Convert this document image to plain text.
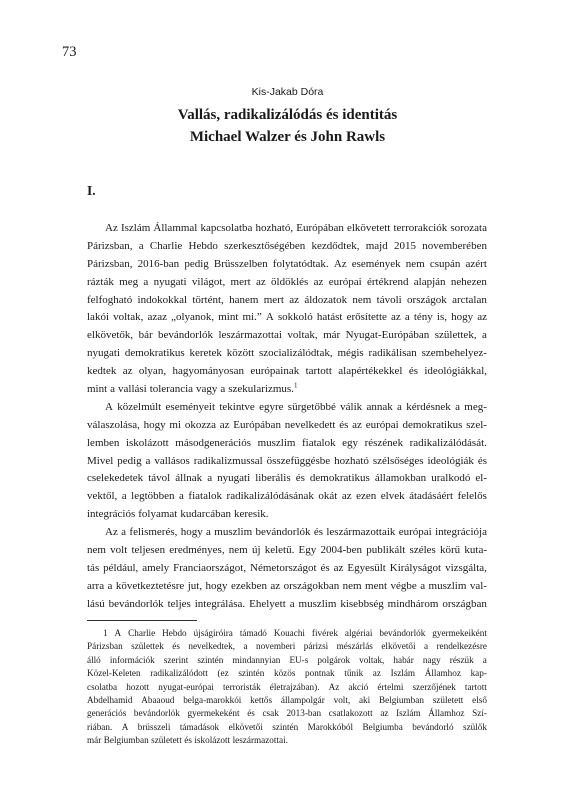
73
Kis-Jakab Dóra
Vallás, radikalizálódás és identitás
Michael Walzer és John Rawls
I.
Az Iszlám Állammal kapcsolatba hozható, Európában elkövetett terrorakciók sorozata
Párizsban, a Charlie Hebdo szerkesztőségében kezdődtek, majd 2015 novemberében
Párizsban, 2016-ban pedig Brüsszelben folytatódtak. Az események nem csupán azért
rázták meg a nyugati világot, mert az öldöklés az európai értékrend alapján nehezen
felfogható indokokkal történt, hanem mert az áldozatok nem távoli országok arctalan
lakói voltak, azaz „olyanok, mint mi.” A sokkoló hatást erősítette az a tény is, hogy az
elkövetők, bár bevándorlók leszármazottai voltak, már Nyugat-Európában születtek, a
nyugati demokratikus keretek között szocializálódtak, mégis radikálisan szembehelyez-
kedtek az olyan, hagyományosan európainak tartott alapértékekkel és ideológiákkal,
mint a vallási tolerancia vagy a szekularizmus.$^1$
A közelmúlt eseményeit tekintve egyre sürgetőbbé válik annak a kérdésnek a meg-
válaszolása, hogy mi okozza az Európában nevelkedett és az európai demokratikus szel-
lemben iskolázott másodgenerációs muszlim fiatalok egy részének radikalizálódását.
Mivel pedig a vallásos radikalizmussal összefüggésbe hozható szélsőséges ideológiák és
cselekedetek távol állnak a nyugati liberális és demokratikus államokban uralkodó el-
vektől, a legtöbben a fiatalok radikalizálódásának okát az ezen elvek átadásáért felelős
integrációs folyamat kudarcában keresik.
Az a felismerés, hogy a muszlim bevándorlók és leszármazottaik európai integrációja
nem volt teljesen eredményes, nem új keletű. Egy 2004-ben publikált széles körű kuta-
tás például, amely Franciaországot, Németországot és az Egyesült Királyságot vizsgálta,
arra a következtetésre jut, hogy ezekben az országokban nem ment végbe a muszlim val-
lású bevándorlók teljes integrálása. Ehelyett a muszlim kisebbség mindhárom országban
1 A Charlie Hebdo újságíróira támadó Kouachi fivérek algériai bevándorlók gyermekeiként
Párizsban születtek és nevelkedtek, a novemberi párizsi mészárlás elkövetői a rendelkezésre
álló információk szerint szintén mindannyian EU-s polgárok voltak, habár nagy részük a
Közel-Keleten radikalizálódott (ez szintén közös pontnak tűnik az Iszlám Államhoz kap-
csolatba hozott nyugat-európai terroristák életrajzában). Az akció értelmi szerzőjének tartott
Abdelhamid Abaaoud belga-marokkói kettős állampolgár volt, aki Belgiumban született első
generációs bevándorlók gyermekeként és csak 2013-ban csatlakozott az Iszlám Államhoz Szí-
riában. A brüsszeli támadások elkövetői szintén Marokkóból Belgiumba bevándorló szülők
már Belgiumban született és iskolázott leszármazottai.
